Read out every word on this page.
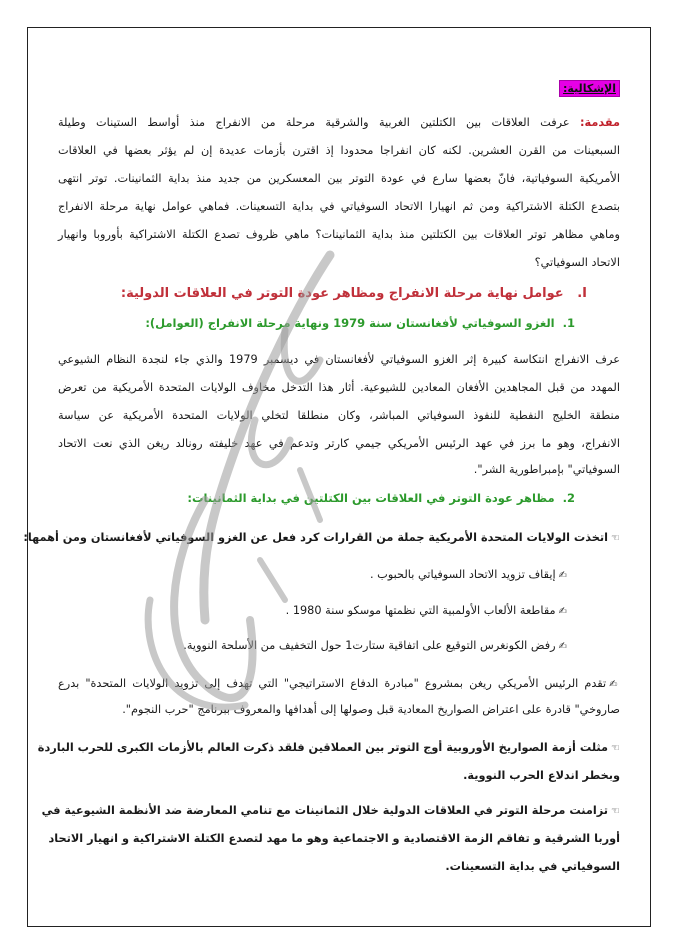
الإشكالية:
مقدمة: عرفت العلاقات بين الكتلتين الغربية والشرقية مرحلة من الانفراج منذ أواسط الستينات وطيلة
السبعينات من القرن العشرين. لكنه كان انفراجا محدودا إذ اقترن بأزمات عديدة إن لم يؤثر بعضها في العلاقات
الأمريكية السوفياتية، فانّ بعضها سارع في عودة التوتر بين المعسكرين من جديد منذ بداية الثمانينات. توتر انتهى
بتصدع الكتلة الاشتراكية ومن ثم انهيارا الاتحاد السوفياتي في بداية التسعينات. فماهي عوامل نهاية مرحلة الانفراج
وماهي مظاهر توتر العلاقات بين الكتلتين منذ بداية الثمانينات؟ ماهي ظروف تصدع الكتلة الاشتراكية بأوروبا وانهيار
الاتحاد السوفياتي؟
I.   عوامل نهاية مرحلة الانفراج ومظاهر عودة التوتر في العلاقات الدولية:
1.  الغزو السوفياتي لأفغانستان سنة 1979 ونهاية مرحلة الانفراج (العوامل):
عرف الانفراج انتكاسة كبيرة إثر الغزو السوفياتي لأفغانستان في ديسمبر 1979 والذي جاء لنجدة النظام الشيوعي
المهدد من قبل المجاهدين الأفغان المعادين للشيوعية. أثار هذا التدخل مخاوف الولايات المتحدة الأمريكية من تعرض
منطقة الخليج النفطية للنفوذ السوفياتي المباشر، وكان منطلقا لتخلي الولايات المتحدة الأمريكية عن سياسة
الانفراج، وهو ما برز في عهد الرئيس الأمريكي جيمي كارتر وتدعم في عهد خليفته رونالد ريغن الذي نعت الاتحاد
السوفياتي" بإمبراطورية الشر".
2.  مظاهر عودة التوتر في العلاقات بين الكتلتين في بداية الثمانينات:
☜اتخذت الولايات المتحدة الأمريكية جملة من القرارات كرد فعل عن الغزو السوفياتي لأفغانستان ومن أهمها:
✍إيقاف تزويد الاتحاد السوفياتي بالحبوب .
✍مقاطعة الألعاب الأولمبية التي نظمتها موسكو سنة 1980 .
✍رفض الكونغرس التوقيع على اتفاقية ستارت1 حول التخفيف من الأسلحة النووية.
✍تقدم الرئيس الأمريكي ريغن بمشروع "مبادرة الدفاع الاستراتيجي" التي تهدف إلى تزويد الولايات المتحدة" بدرع
صاروخي" قادرة على اعتراض الصواريخ المعادية قبل وصولها إلى أهدافها والمعروف ببرنامج "حرب النجوم".
☜مثلت أزمة الصواريخ الأوروبية أوج التوتر بين العملاقين فلقد ذكرت العالم بالأزمات الكبرى للحرب الباردة
وبخطر اندلاع الحرب النووية.
☜تزامنت مرحلة التوتر في العلاقات الدولية خلال الثمانينات مع تنامي المعارضة ضد الأنظمة الشيوعية في
أوربا الشرقية و تفاقم الزمة الاقتصادية و الاجتماعية وهو ما مهد لتصدع الكتلة الاشتراكية و انهيار الاتحاد
السوفياتي في بداية التسعينات.
